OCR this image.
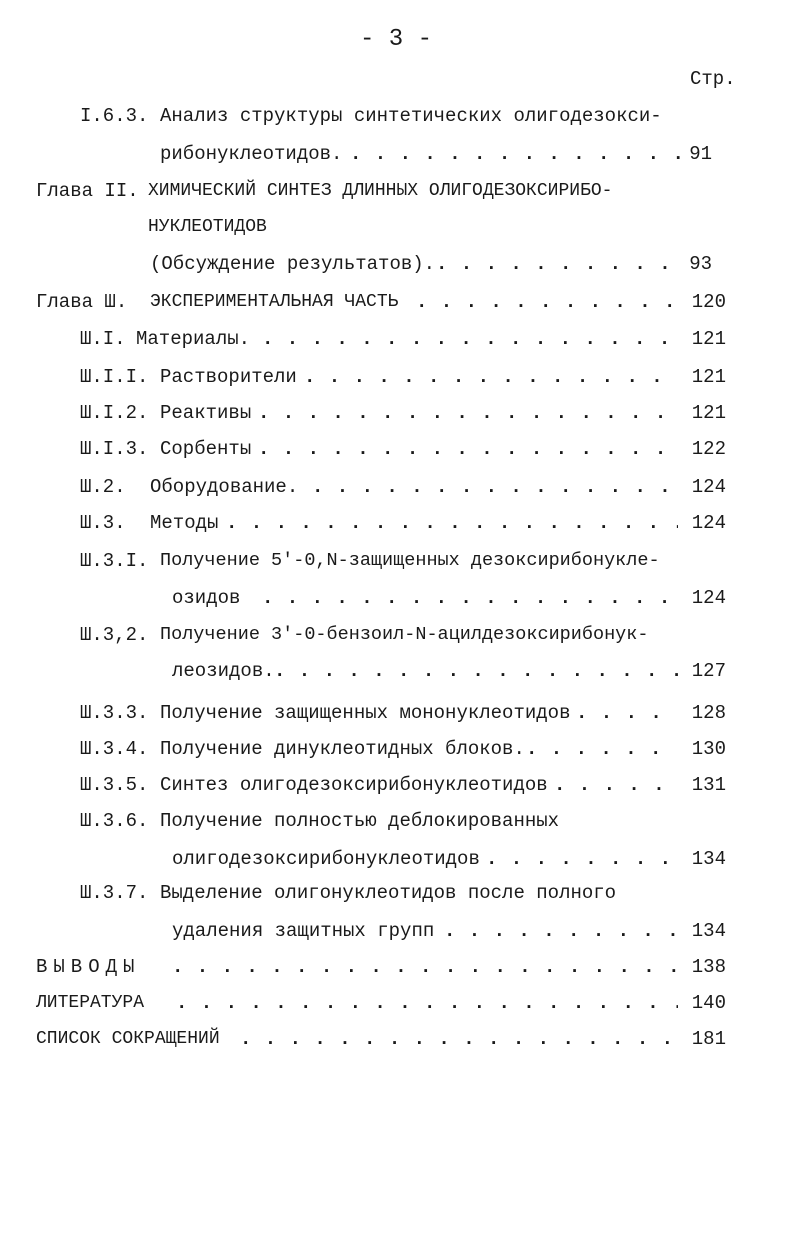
- 3 -
Стр.
I.6.3. Анализ структуры синтетических олигодезокси-
рибонуклеотидов. . . .	91
Глава II. ХИМИЧЕСКИЙ СИНТЕЗ ДЛИННЫХ ОЛИГОДЕЗОКСИРИБО-
НУКЛЕОТИДОВ
(Обсуждение результатов). . . .	93
Глава Ш. ЭКСПЕРИМЕНТАЛЬНАЯ ЧАСТЬ . . .	120
Ш.I. Материалы. . . .	121
Ш.I.I. Растворители . . .	121
Ш.I.2. Реактивы . . .	121
Ш.I.3. Сорбенты . . .	122
Ш.2. Оборудование. . . .	124
Ш.3. Методы . . .	124
Ш.3.I. Получение 5'-0,N-защищенных дезоксирибонукле-
озидов . . .	124
Ш.3,2. Получение 3'-0-бензоил-N-ацилдезоксирибонук-
леозидов. . . .	127
Ш.3.3. Получение защищенных мононуклеотидов . . .	128
Ш.3.4. Получение динуклеотидных блоков. . . .	130
Ш.3.5. Синтез олигодезоксирибонуклеотидов . . .	131
Ш.3.6. Получение полностью деблокированных
олигодезоксирибонуклеотидов . . .	134
Ш.3.7. Выделение олигонуклеотидов после полного
удаления защитных групп . . .	134
ВЫВОДЫ . . .	138
ЛИТЕРАТУРА . . .	140
СПИСОК СОКРАЩЕНИЙ . . .	181
